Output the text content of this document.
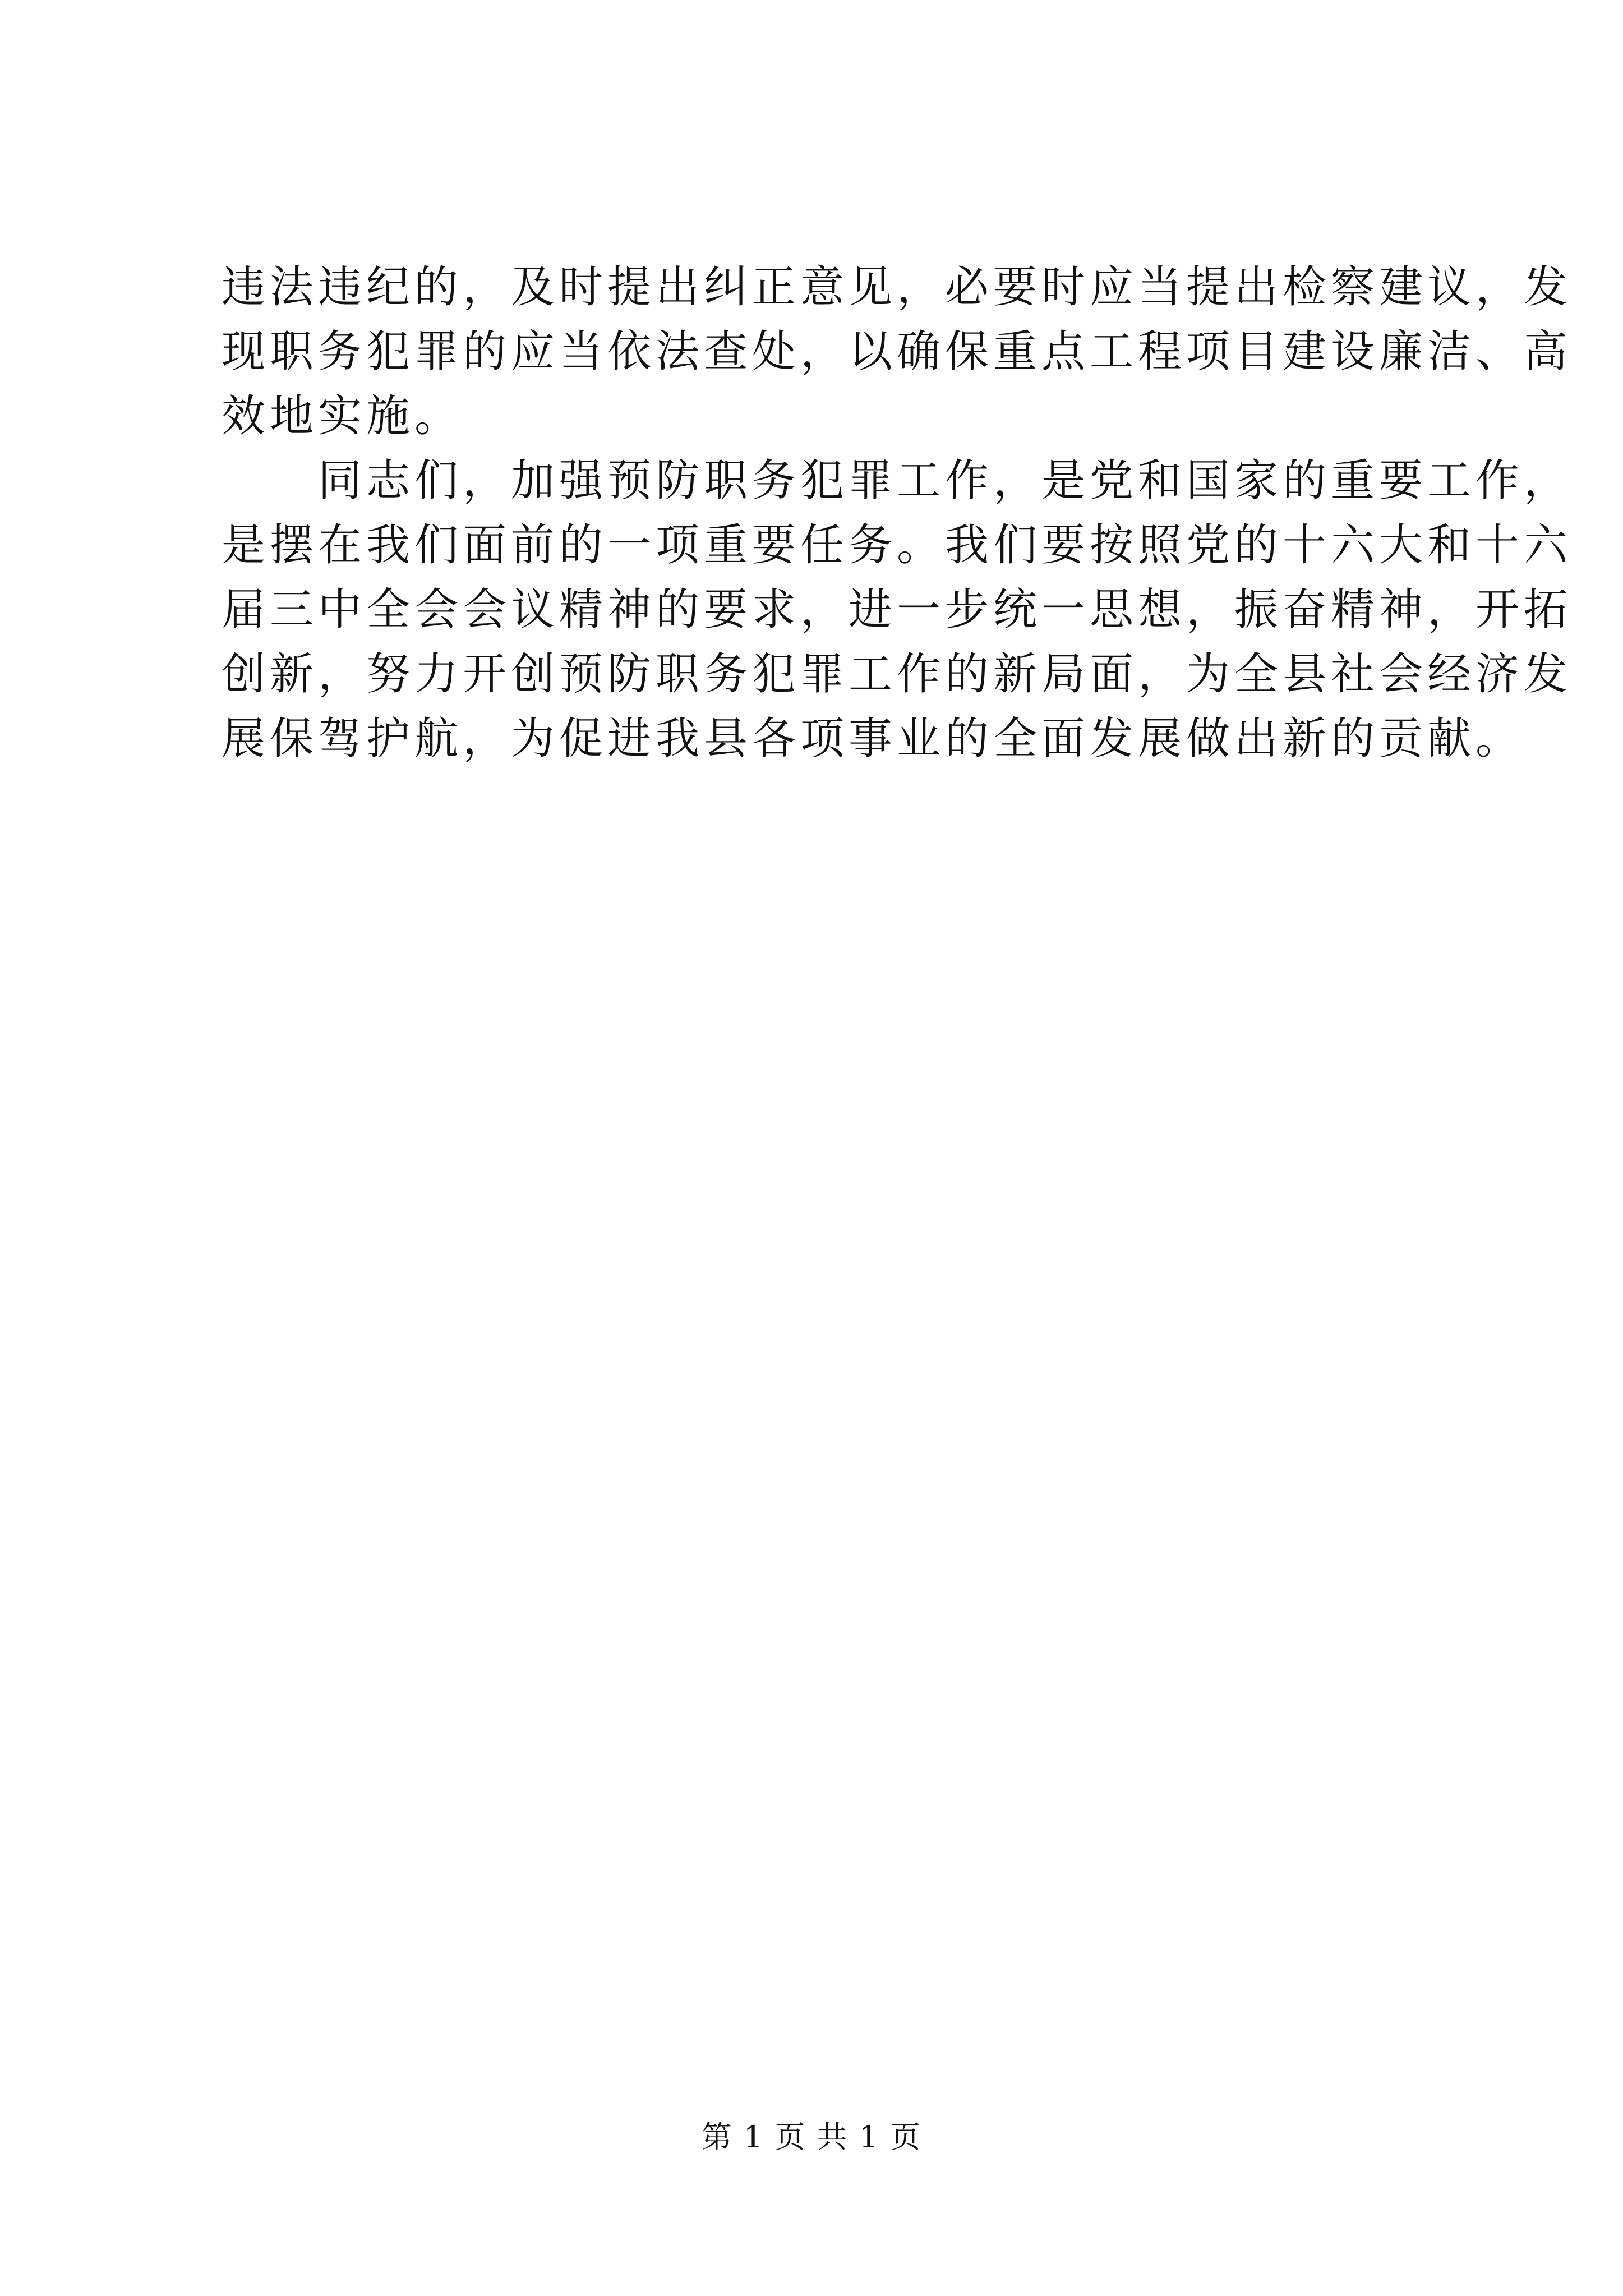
违法违纪的，及时提出纠正意见，必要时应当提出检察建议，发
现职务犯罪的应当依法查处，以确保重点工程项目建设廉洁、高
效地实施。
　　同志们，加强预防职务犯罪工作，是党和国家的重要工作，
是摆在我们面前的一项重要任务。我们要按照党的十六大和十六
届三中全会会议精神的要求，进一步统一思想，振奋精神，开拓
创新，努力开创预防职务犯罪工作的新局面，为全县社会经济发
展保驾护航，为促进我县各项事业的全面发展做出新的贡献。
第 1 页 共 1 页
